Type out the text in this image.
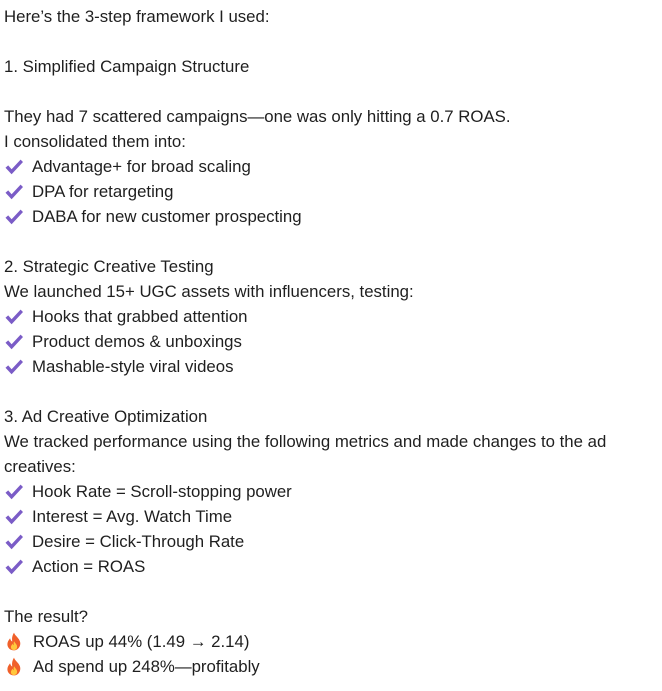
Here’s the 3-step framework I used:
1. Simplified Campaign Structure
They had 7 scattered campaigns—one was only hitting a 0.7 ROAS.
I consolidated them into:
Advantage+ for broad scaling
DPA for retargeting
DABA for new customer prospecting
2. Strategic Creative Testing
We launched 15+ UGC assets with influencers, testing:
Hooks that grabbed attention
Product demos & unboxings
Mashable-style viral videos
3. Ad Creative Optimization
We tracked performance using the following metrics and made changes to the ad creatives:
Hook Rate = Scroll-stopping power
Interest = Avg. Watch Time
Desire = Click-Through Rate
Action = ROAS
The result?
ROAS up 44% (1.49 → 2.14)
Ad spend up 248%—profitably
